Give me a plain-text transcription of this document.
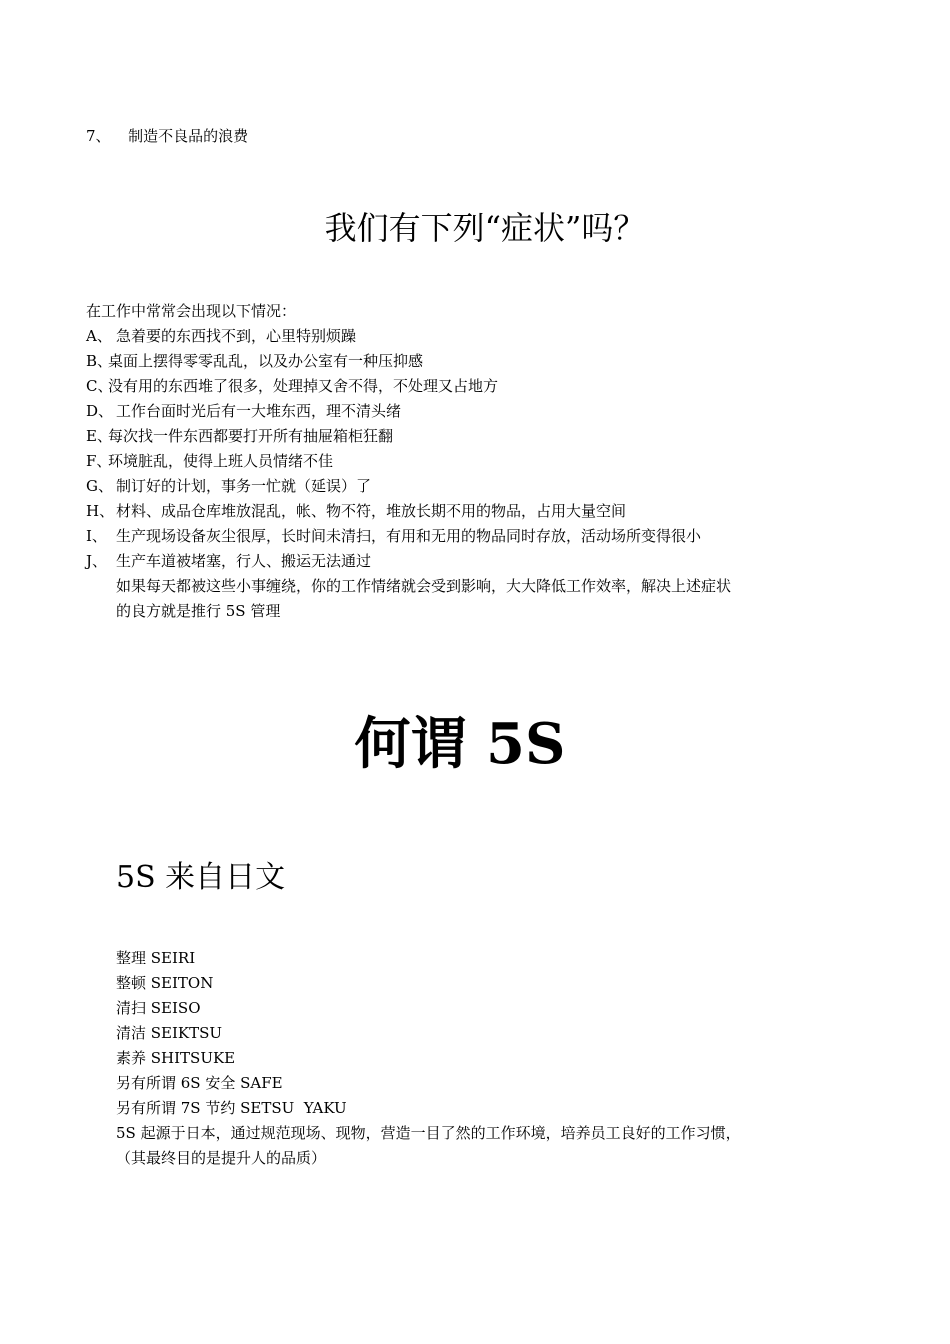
7、 制造不良品的浪费
我们有下列“症状”吗？
在工作中常常会出现以下情况：
A、 急着要的东西找不到，心里特别烦躁
B、
桌面上摆得零零乱乱，以及办公室有一种压抑感
C、
没有用的东西堆了很多，处理掉又舍不得，不处理又占地方
D、 工作台面时光后有一大堆东西，理不清头绪
E、
每次找一件东西都要打开所有抽屉箱柜狂翻
F、
环境脏乱，使得上班人员情绪不佳
G、 制订好的计划，事务一忙就（延误）了
H、 材料、成品仓库堆放混乱，帐、物不符，堆放长期不用的物品，占用大量空间
I、 生产现场设备灰尘很厚，长时间未清扫，有用和无用的物品同时存放，活动场所变得很小
J、 生产车道被堵塞，行人、搬运无法通过
如果每天都被这些小事缠绕，你的工作情绪就会受到影响，大大降低工作效率，解决上述症状
的良方就是推行 5S 管理
何谓 5S
5S 来自日文
整理 SEIRI
整顿 SEITON
清扫 SEISO
清洁 SEIKTSU
素养 SHITSUKE
另有所谓 6S 安全 SAFE
另有所谓 7S 节约 SETSU  YAKU
5S 起源于日本，通过规范现场、现物，营造一目了然的工作环境，培养员工良好的工作习惯，
（其最终目的是提升人的品质）
